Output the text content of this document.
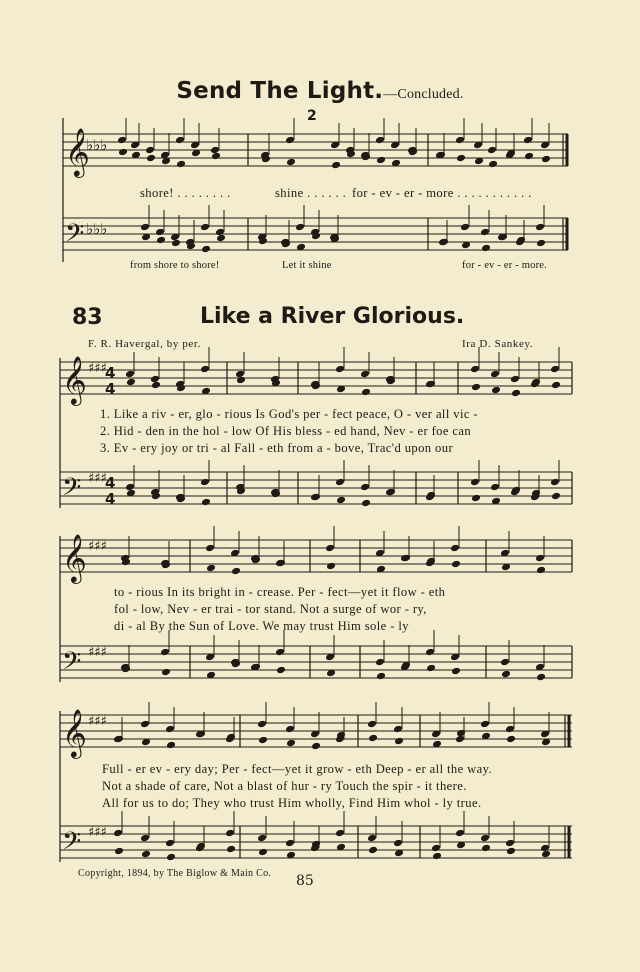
Send The Light.—Concluded.
𝄞
𝄢
𝄞
𝄢
𝄞
𝄢
𝄞
𝄢
♭♭♭
♭♭♭
♯♯♯
♯♯♯
♯♯♯
♯♯♯
♯♯♯
♯♯♯
4
4
4
4
2
shore! . . . . . . . .	shine . . . . . . for - ev - er - more . . . . . . . . . . .
from shore to shore!	Let it shine	for - ev - er - more.
83	Like a River Glorious.
F. R. Havergal, by per.	Ira D. Sankey.
1. Like a riv - er, glo - rious Is God's per - fect peace, O - ver all vic -
2. Hid - den in the hol - low Of His bless - ed hand, Nev - er foe can
3. Ev - ery joy or tri - al Fall - eth from a - bove, Trac'd upon our
to - rious In its bright in - crease. Per - fect—yet it flow - eth
fol - low, Nev - er trai - tor stand. Not a surge of wor - ry,
di - al By the Sun of Love. We may trust Him sole - ly
Full - er ev - ery day; Per - fect—yet it grow - eth Deep - er all the way.
Not a shade of care, Not a blast of hur - ry Touch the spir - it there.
All for us to do; They who trust Him wholly, Find Him whol - ly true.
Copyright, 1894, by The Biglow & Main Co. 85
